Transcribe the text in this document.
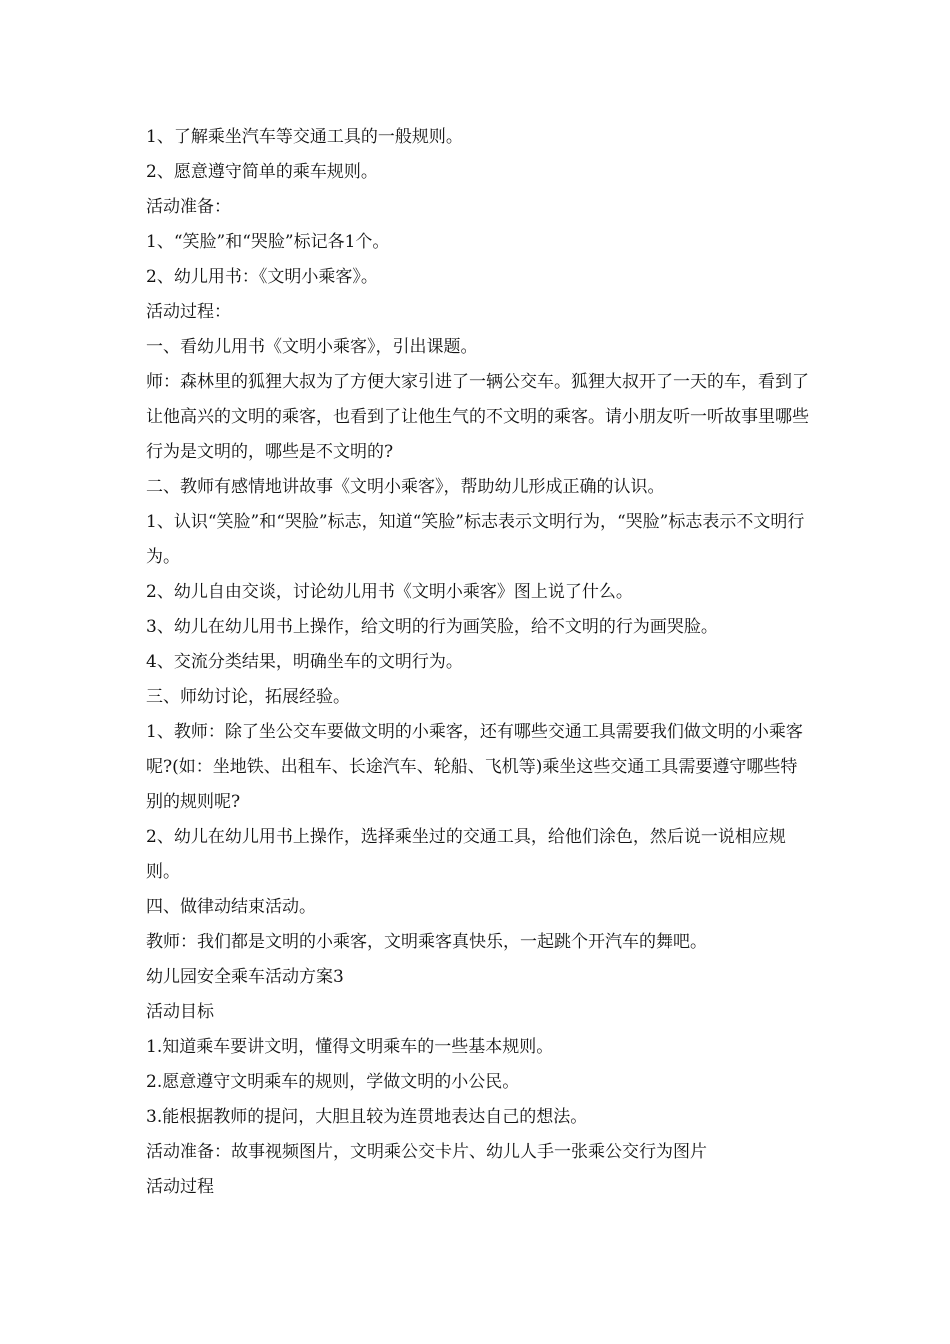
1、了解乘坐汽车等交通工具的一般规则。

2、愿意遵守简单的乘车规则。

活动准备：

1、“笑脸”和“哭脸”标记各1个。

2、幼儿用书：《文明小乘客》。

活动过程：

一、看幼儿用书《文明小乘客》，引出课题。

师：森林里的狐狸大叔为了方便大家引进了一辆公交车。狐狸大叔开了一天的车，看到了让他高兴的文明的乘客，也看到了让他生气的不文明的乘客。请小朋友听一听故事里哪些行为是文明的，哪些是不文明的?

二、教师有感情地讲故事《文明小乘客》，帮助幼儿形成正确的认识。

1、认识“笑脸”和“哭脸”标志，知道“笑脸”标志表示文明行为，“哭脸”标志表示不文明行为。

2、幼儿自由交谈，讨论幼儿用书《文明小乘客》图上说了什么。

3、幼儿在幼儿用书上操作，给文明的行为画笑脸，给不文明的行为画哭脸。

4、交流分类结果，明确坐车的文明行为。

三、师幼讨论，拓展经验。

1、教师：除了坐公交车要做文明的小乘客，还有哪些交通工具需要我们做文明的小乘客呢?(如：坐地铁、出租车、长途汽车、轮船、飞机等)乘坐这些交通工具需要遵守哪些特别的规则呢?

2、幼儿在幼儿用书上操作，选择乘坐过的交通工具，给他们涂色，然后说一说相应规则。

四、做律动结束活动。

教师：我们都是文明的小乘客，文明乘客真快乐，一起跳个开汽车的舞吧。

幼儿园安全乘车活动方案3

活动目标

1.知道乘车要讲文明，懂得文明乘车的一些基本规则。

2.愿意遵守文明乘车的规则，学做文明的小公民。

3.能根据教师的提问，大胆且较为连贯地表达自己的想法。

活动准备：故事视频图片，文明乘公交卡片、幼儿人手一张乘公交行为图片

活动过程
